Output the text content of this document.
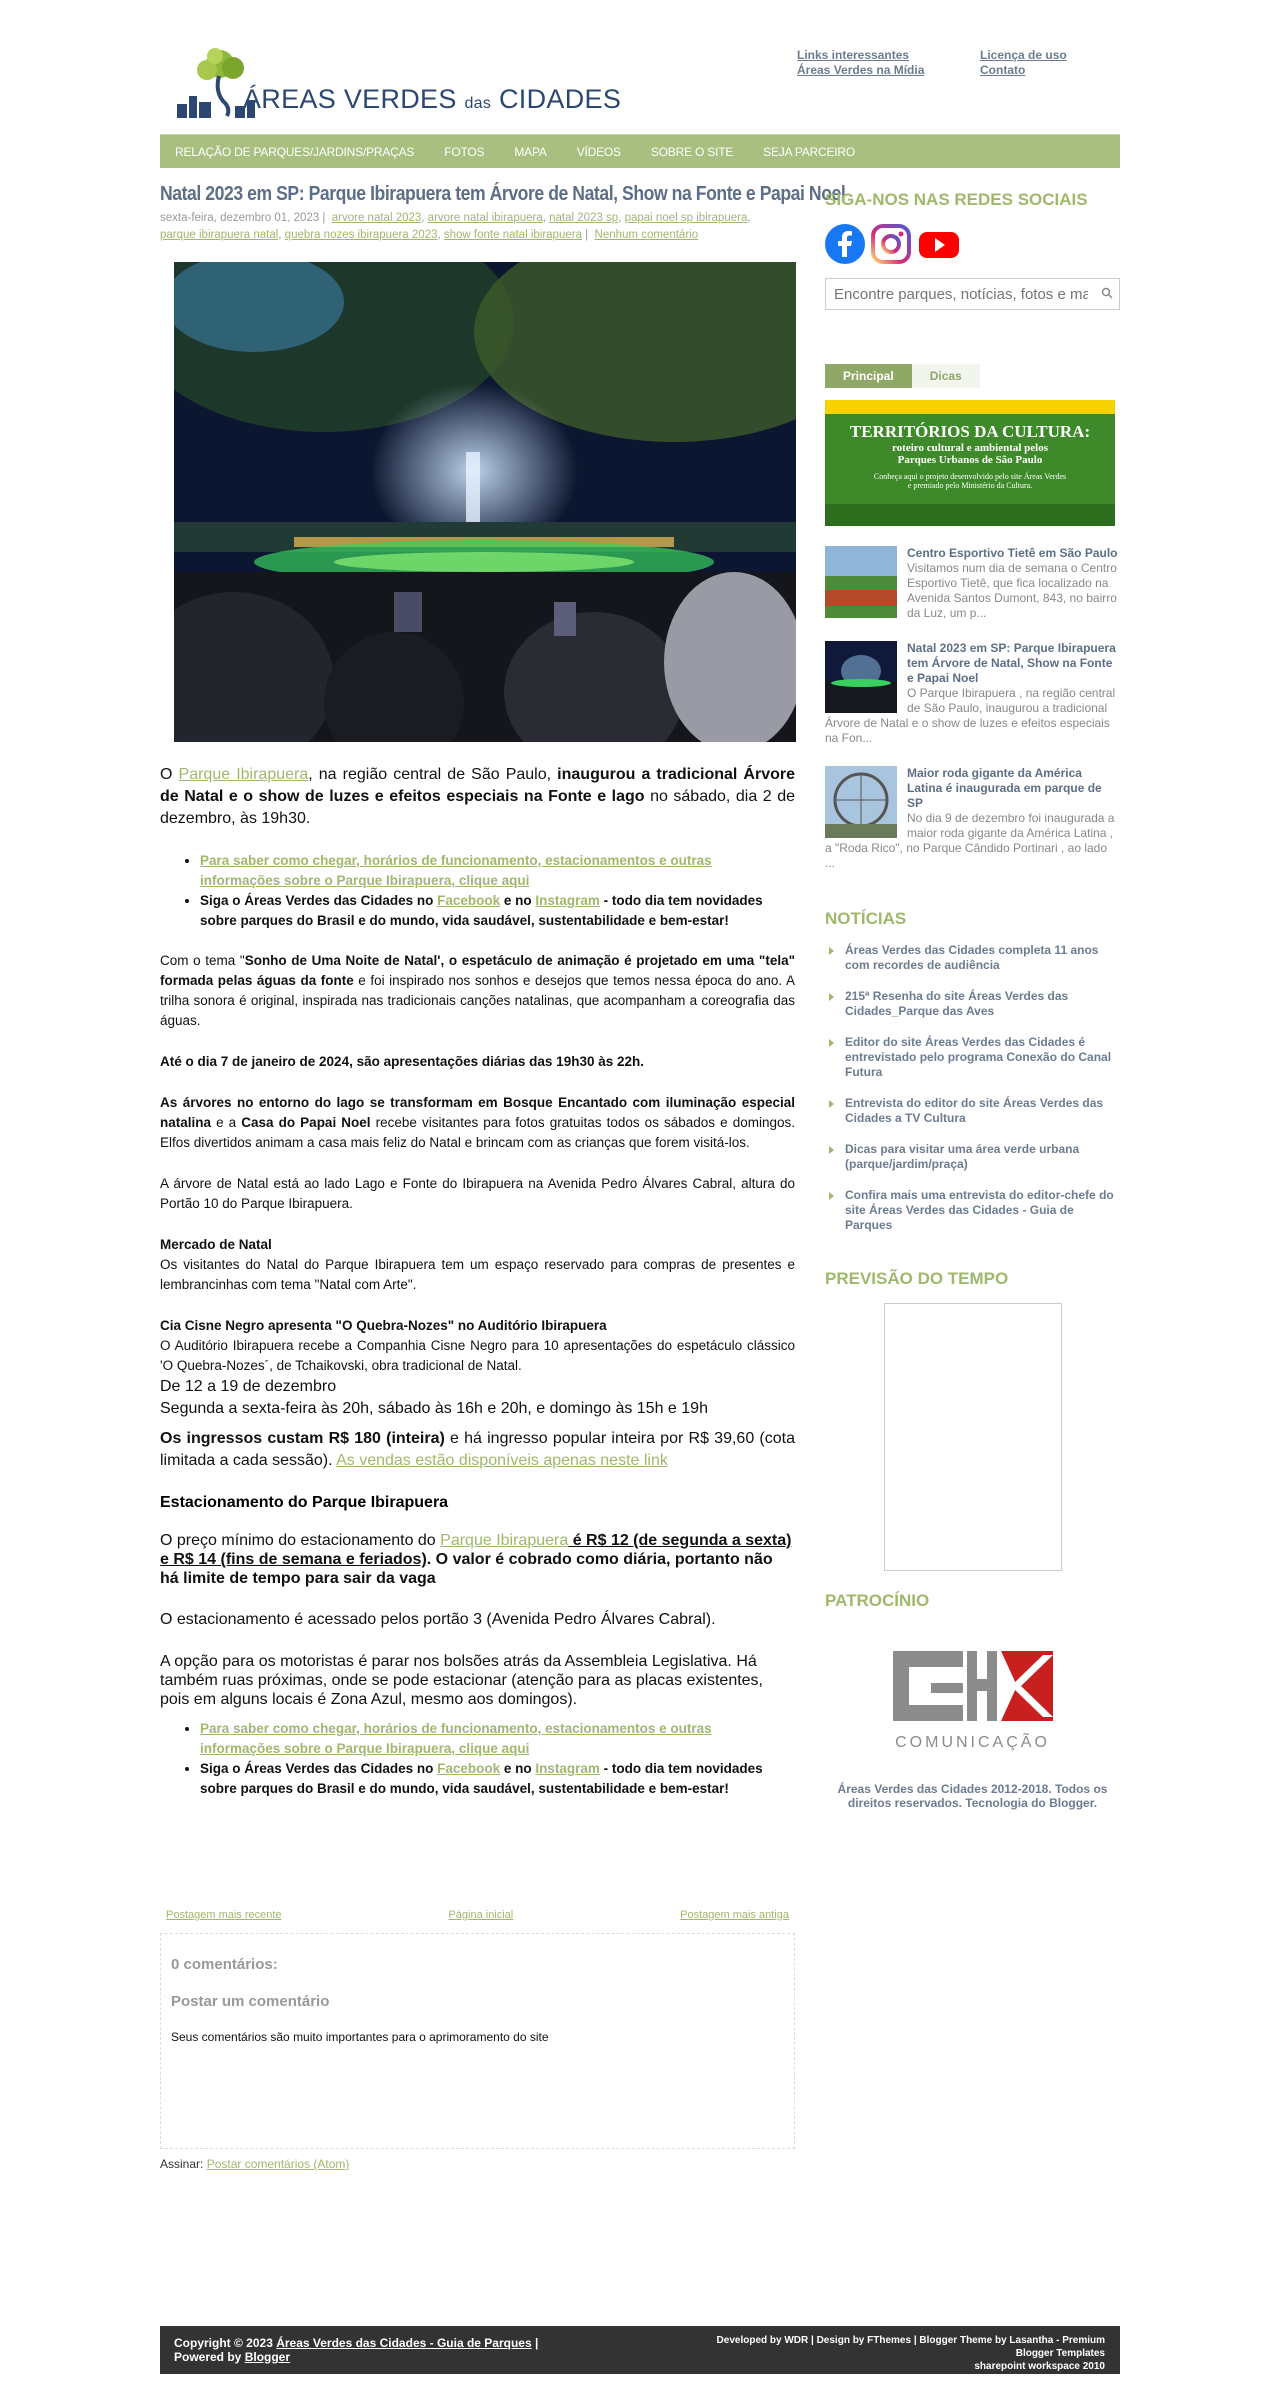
ÁREAS VERDES das CIDADES
Links interessantes
Áreas Verdes na Mídia
Licença de uso
Contato
RELAÇÃO DE PARQUES/JARDINS/PRAÇAS	FOTOS	MAPA	VÍDEOS	SOBRE O SITE	SEJA PARCEIRO
Natal 2023 em SP: Parque Ibirapuera tem Árvore de Natal, Show na Fonte e Papai Noel
sexta-feira, dezembro 01, 2023 |  arvore natal 2023, arvore natal ibirapuera, natal 2023 sp, papai noel sp ibirapuera,
parque ibirapuera natal, quebra nozes ibirapuera 2023, show fonte natal ibirapuera |  Nenhum comentário

O Parque Ibirapuera, na região central de São Paulo, inaugurou a tradicional Árvore de Natal e o show de luzes e efeitos especiais na Fonte e lago no sábado, dia 2 de dezembro, às 19h30.

• Para saber como chegar, horários de funcionamento, estacionamentos e outras informações sobre o Parque Ibirapuera, clique aqui
• Siga o Áreas Verdes das Cidades no Facebook e no Instagram - todo dia tem novidades sobre parques do Brasil e do mundo, vida saudável, sustentabilidade e bem-estar!

Com o tema "Sonho de Uma Noite de Natal', o espetáculo de animação é projetado em uma "tela" formada pelas águas da fonte e foi inspirado nos sonhos e desejos que temos nessa época do ano. A trilha sonora é original, inspirada nas tradicionais canções natalinas, que acompanham a coreografia das águas.

Até o dia 7 de janeiro de 2024, são apresentações diárias das 19h30 às 22h.

As árvores no entorno do lago se transformam em Bosque Encantado com iluminação especial natalina e a Casa do Papai Noel recebe visitantes para fotos gratuitas todos os sábados e domingos. Elfos divertidos animam a casa mais feliz do Natal e brincam com as crianças que forem visitá-los.

A árvore de Natal está ao lado Lago e Fonte do Ibirapuera na Avenida Pedro Álvares Cabral, altura do Portão 10 do Parque Ibirapuera.

Mercado de Natal
Os visitantes do Natal do Parque Ibirapuera tem um espaço reservado para compras de presentes e lembrancinhas com tema "Natal com Arte".

Cia Cisne Negro apresenta "O Quebra-Nozes" no Auditório Ibirapuera
O Auditório Ibirapuera recebe a Companhia Cisne Negro para 10 apresentações do espetáculo clássico 'O Quebra-Nozes´, de Tchaikovski, obra tradicional de Natal.
De 12 a 19 de dezembro
Segunda a sexta-feira às 20h, sábado às 16h e 20h, e domingo às 15h e 19h

Os ingressos custam R$ 180 (inteira) e há ingresso popular inteira por R$ 39,60 (cota limitada a cada sessão). As vendas estão disponíveis apenas neste link

Estacionamento do Parque Ibirapuera

O preço mínimo do estacionamento do Parque Ibirapuera é R$ 12 (de segunda a sexta) e R$ 14 (fins de semana e feriados). O valor é cobrado como diária, portanto não há limite de tempo para sair da vaga

O estacionamento é acessado pelos portão 3 (Avenida Pedro Álvares Cabral).

A opção para os motoristas é parar nos bolsões atrás da Assembleia Legislativa. Há também ruas próximas, onde se pode estacionar (atenção para as placas existentes, pois em alguns locais é Zona Azul, mesmo aos domingos).

• Para saber como chegar, horários de funcionamento, estacionamentos e outras informações sobre o Parque Ibirapuera, clique aqui
• Siga o Áreas Verdes das Cidades no Facebook e no Instagram - todo dia tem novidades sobre parques do Brasil e do mundo, vida saudável, sustentabilidade e bem-estar!
Postagem mais recente	Página inicial	Postagem mais antiga
0 comentários:
Postar um comentário
Seus comentários são muito importantes para o aprimoramento do site
Assinar: Postar comentários (Atom)
SIGA-NOS NAS REDES SOCIAIS
Encontre parques, notícias, fotos e mais
Principal	Dicas
TERRITÓRIOS DA CULTURA:
roteiro cultural e ambiental pelos
Parques Urbanos de São Paulo
Conheça aqui o projeto desenvolvido pelo site Áreas Verdes
e premiado pelo Ministério da Cultura.
Centro Esportivo Tietê em São Paulo
Visitamos num dia de semana o Centro Esportivo Tietê, que fica localizado na Avenida Santos Dumont, 843, no bairro da Luz, um p...
Natal 2023 em SP: Parque Ibirapuera tem Árvore de Natal, Show na Fonte e Papai Noel
O Parque Ibirapuera , na região central de São Paulo, inaugurou a tradicional Árvore de Natal e o show de luzes e efeitos especiais na Fon...
Maior roda gigante da América Latina é inaugurada em parque de SP
No dia 9 de dezembro foi inaugurada a maior roda gigante da América Latina , a "Roda Rico", no Parque Cândido Portinari , ao lado ...
NOTÍCIAS
Áreas Verdes das Cidades completa 11 anos com recordes de audiência
215ª Resenha do site Áreas Verdes das Cidades_Parque das Aves
Editor do site Áreas Verdes das Cidades é entrevistado pelo programa Conexão do Canal Futura
Entrevista do editor do site Áreas Verdes das Cidades a TV Cultura
Dicas para visitar uma área verde urbana (parque/jardim/praça)
Confira mais uma entrevista do editor-chefe do site Áreas Verdes das Cidades - Guia de Parques
PREVISÃO DO TEMPO
PATROCÍNIO
COMUNICAÇÃO
Áreas Verdes das Cidades 2012-2018. Todos os direitos reservados. Tecnologia do Blogger.
Copyright © 2023 Áreas Verdes das Cidades - Guia de Parques |
Powered by Blogger
Developed by WDR | Design by FThemes | Blogger Theme by Lasantha - Premium
Blogger Templates
sharepoint workspace 2010
